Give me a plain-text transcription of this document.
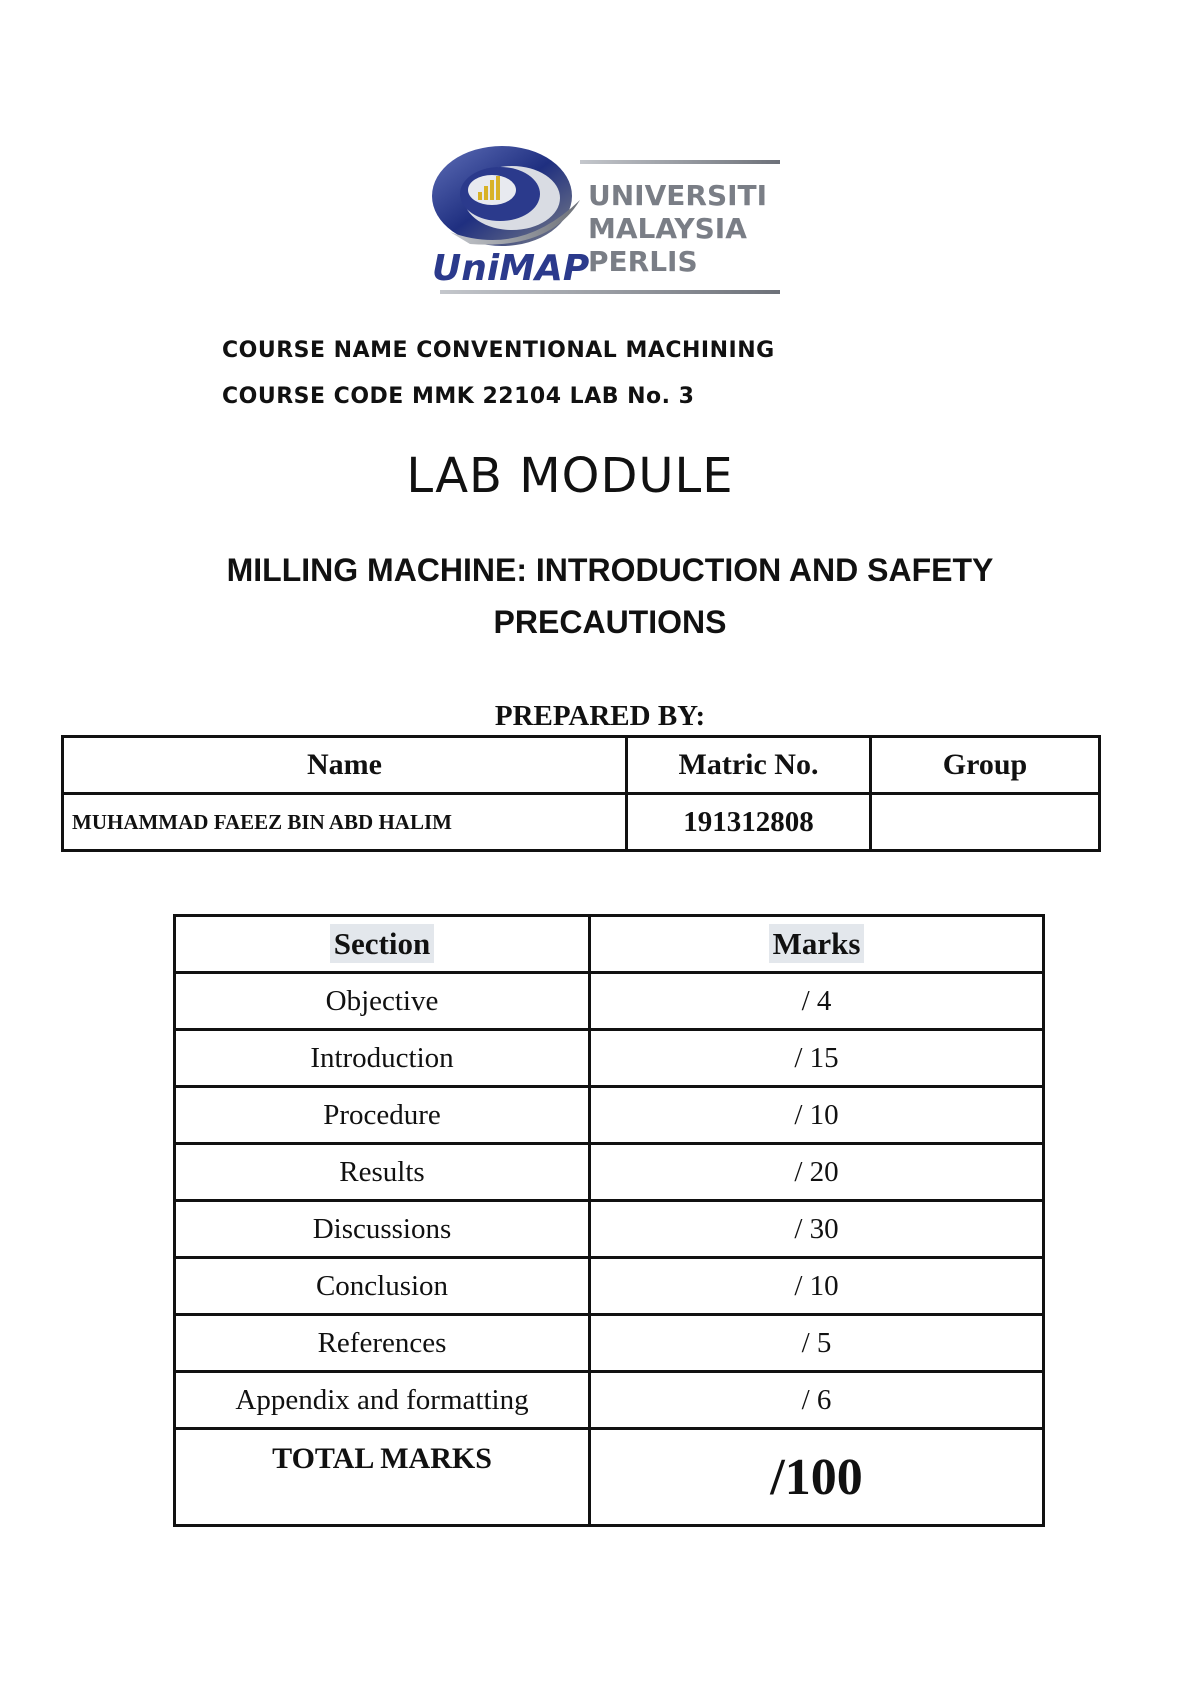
UNIVERSITI
MALAYSIA
PERLIS
UniMAP
COURSE NAME CONVENTIONAL MACHINING
COURSE CODE MMK 22104 LAB No. 3
LAB MODULE
MILLING MACHINE: INTRODUCTION AND SAFETY PRECAUTIONS
PREPARED BY:
Name	Matric No.	Group
MUHAMMAD FAEEZ BIN ABD HALIM	191312808	
Section	Marks
Objective	/ 4
Introduction	/ 15
Procedure	/ 10
Results	/ 20
Discussions	/ 30
Conclusion	/ 10
References	/ 5
Appendix and formatting	/ 6
TOTAL MARKS	/100
